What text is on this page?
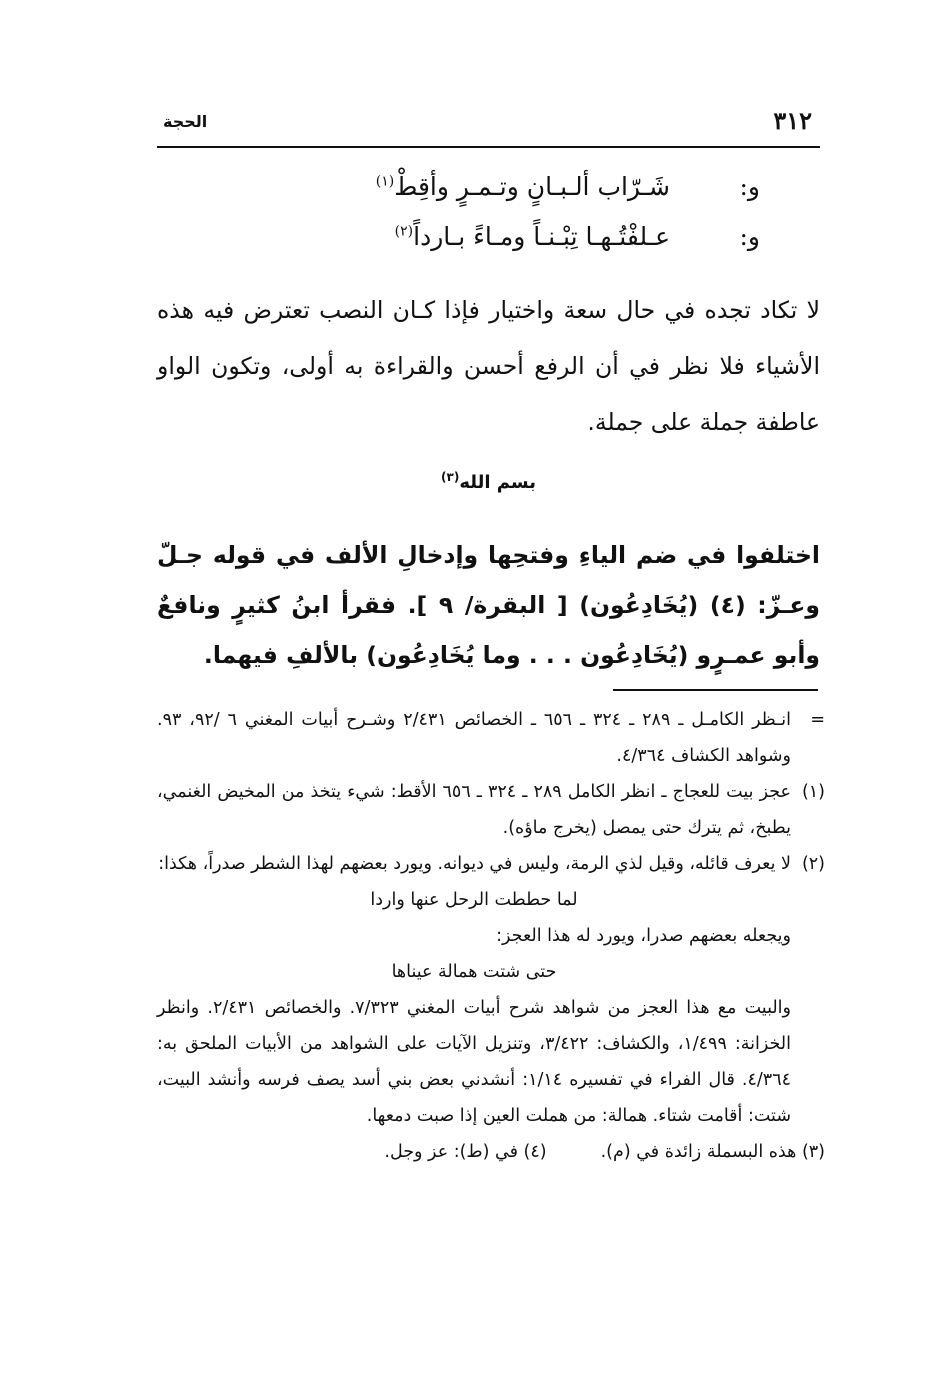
٣١٢
الحجة
و:
شَـرّاب ألـبـانٍ وتـمـرٍ وأقِطْ$^{(١)}$
و:
عـلفْتُـهـا تِبْـنـاً ومـاءً بـارداً$^{(٢)}$
لا تكاد تجده في حال سعة واختيار فإذا كـان النصب تعترض فيه هذه الأشياء فلا نظر في أن الرفع أحسن والقراءة به أولى، وتكون الواو عاطفة جملة على جملة.
بسم الله$^{(٣)}$
اختلفوا في ضم الياءِ وفتحِها وإدخالِ الألف في قوله جـلّ وعـزّ: (٤) (يُخَادِعُون) [ البقرة/ ٩ ]. فقرأ ابنُ كثيرٍ ونافعٌ وأبو عمـرٍو (يُخَادِعُون . . . وما يُخَادِعُون) بالألفِ فيهما.
=
انـظر الكامـل ـ ٢٨٩ ـ ٣٢٤ ـ ٦٥٦ ـ الخصائص ٢/٤٣١ وشـرح أبيات المغني ٦ /٩٢، ٩٣. وشواهد الكشاف ٤/٣٦٤.
(١)
عجز بيت للعجاج ـ انظر الكامل ٢٨٩ ـ ٣٢٤ ـ ٦٥٦ الأقط: شيء يتخذ من المخيض الغنمي، يطبخ، ثم يترك حتى يمصل (يخرج ماؤه).
(٢)
لا يعرف قائله، وقيل لذي الرمة، وليس في ديوانه. ويورد بعضهم لهذا الشطر صدراً، هكذا:
لما حططت الرحل عنها واردا
ويجعله بعضهم صدرا، ويورد له هذا العجز:
حتى شتت همالة عيناها
والبيت مع هذا العجز من شواهد شرح أبيات المغني ٧/٣٢٣. والخصائص ٢/٤٣١. وانظر الخزانة: ١/٤٩٩، والكشاف: ٣/٤٢٢، وتنزيل الآيات على الشواهد من الأبيات الملحق به: ٤/٣٦٤. قال الفراء في تفسيره ١/١٤: أنشدني بعض بني أسد يصف فرسه وأنشد البيت، شتت: أقامت شتاء. همالة: من هملت العين إذا صبت دمعها.
(٣) هذه البسملة زائدة في (م).
(٤) في (ط): عز وجل.
